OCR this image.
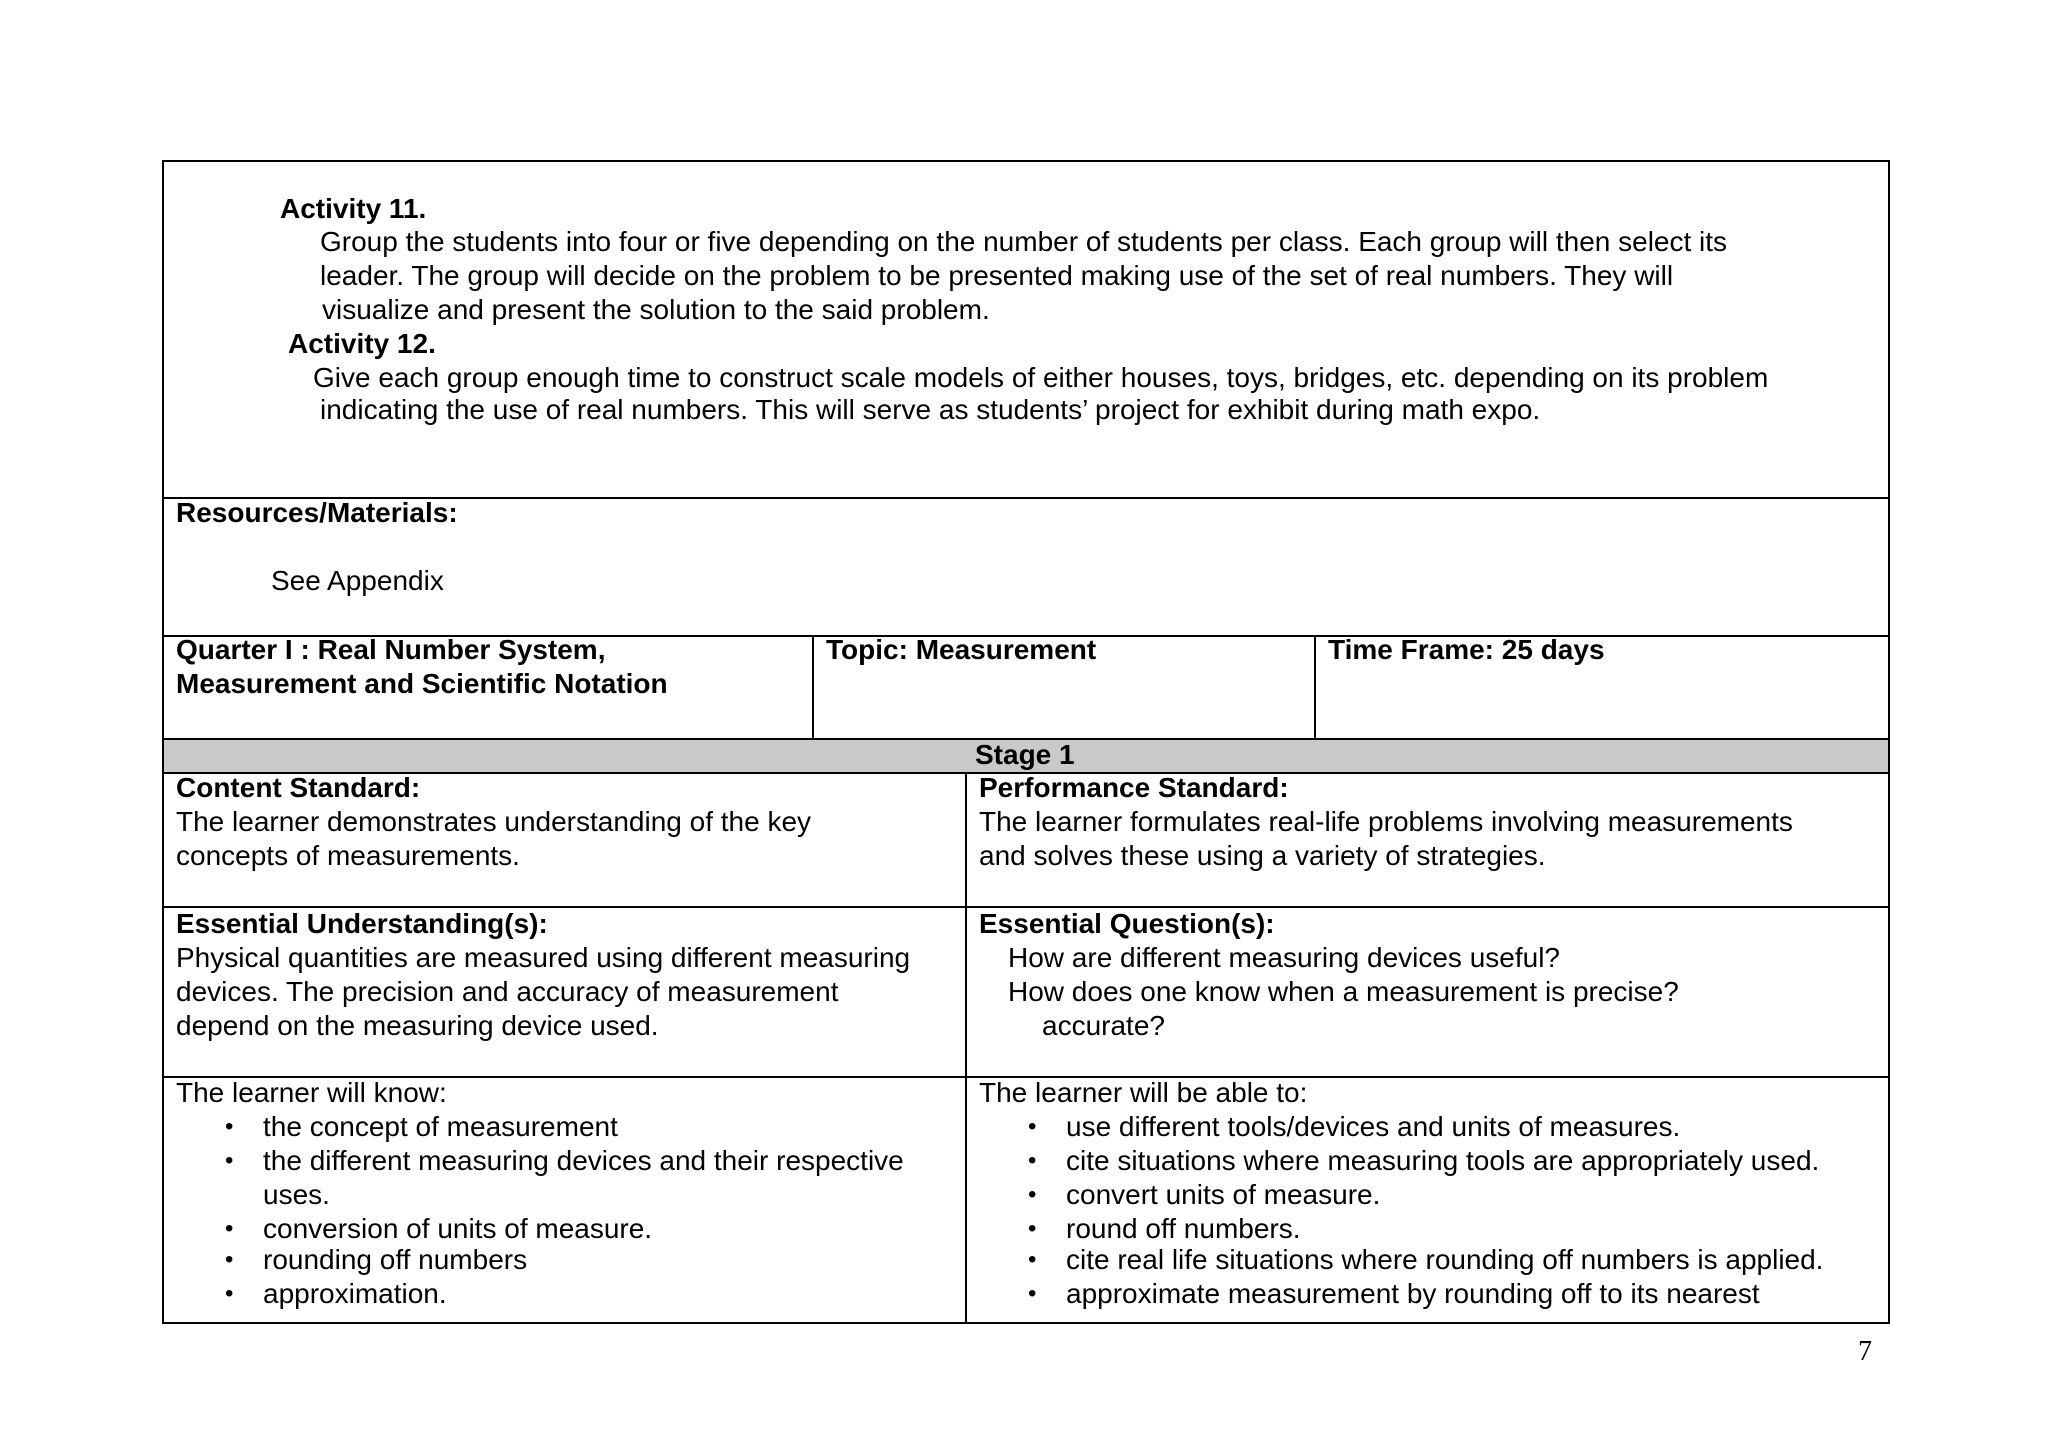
Activity 11.
Group the students into four or five depending on the number of students per class. Each group will then select its
leader. The group will decide on the problem to be presented making use of the set of real numbers. They will
visualize and present the solution to the said problem.
Activity 12.
Give each group enough time to construct scale models of either houses, toys, bridges, etc. depending on its problem
indicating the use of real numbers. This will serve as students’ project for exhibit during math expo.
Resources/Materials:
See Appendix
Quarter I : Real Number System,
Measurement and Scientific Notation
Topic: Measurement	Time Frame: 25 days
Stage 1
Content Standard:
The learner demonstrates understanding of the key
concepts of measurements.
Performance Standard:
The learner formulates real-life problems involving measurements
and solves these using a variety of strategies.
Essential Understanding(s):
Physical quantities are measured using different measuring
devices. The precision and accuracy of measurement
depend on the measuring device used.
Essential Question(s):
How are different measuring devices useful?
How does one know when a measurement is precise?
accurate?
The learner will know:
• the concept of measurement
• the different measuring devices and their respective
uses.
• conversion of units of measure.
• rounding off numbers
• approximation.
The learner will be able to:
• use different tools/devices and units of measures.
• cite situations where measuring tools are appropriately used.
• convert units of measure.
• round off numbers.
• cite real life situations where rounding off numbers is applied.
• approximate measurement by rounding off to its nearest
7
